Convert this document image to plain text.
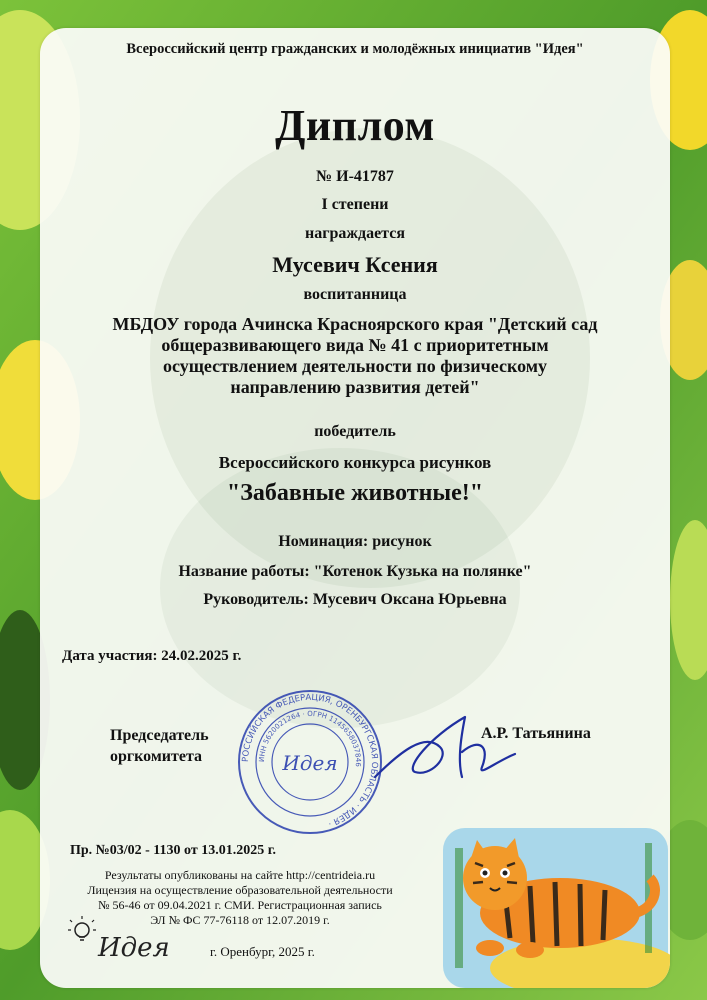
Всероссийский центр гражданских и молодёжных инициатив "Идея"
Диплом
№ И-41787
I степени
награждается
Мусевич Ксения
воспитанница
МБДОУ города Ачинска Красноярского края "Детский сад
общеразвивающего вида № 41 с приоритетным
осуществлением деятельности по физическому
направлению развития детей"
победитель
Всероссийского конкурса рисунков
"Забавные животные!"
Номинация: рисунок
Название работы: "Котенок Кузька на полянке"
Руководитель: Мусевич Оксана Юрьевна
Дата участия: 24.02.2025 г.
Председатель
оргкомитета
А.Р. Татьянина
РОССИЙСКАЯ ФЕДЕРАЦИЯ, ОРЕНБУРГСКАЯ ОБЛАСТЬ · ИДЕЯ ·
ИНН 5620021264 · ОГРН 1145658037846
Идея
Пр. №03/02 - 1130 от 13.01.2025 г.
Результаты опубликованы на сайте http://centrideia.ru
Лицензия на осуществление образовательной деятельности
№ 56-46 от 09.04.2021 г. СМИ. Регистрационная запись
ЭЛ № ФС 77-76118 от 12.07.2019 г.
Идея	г. Оренбург, 2025 г.
